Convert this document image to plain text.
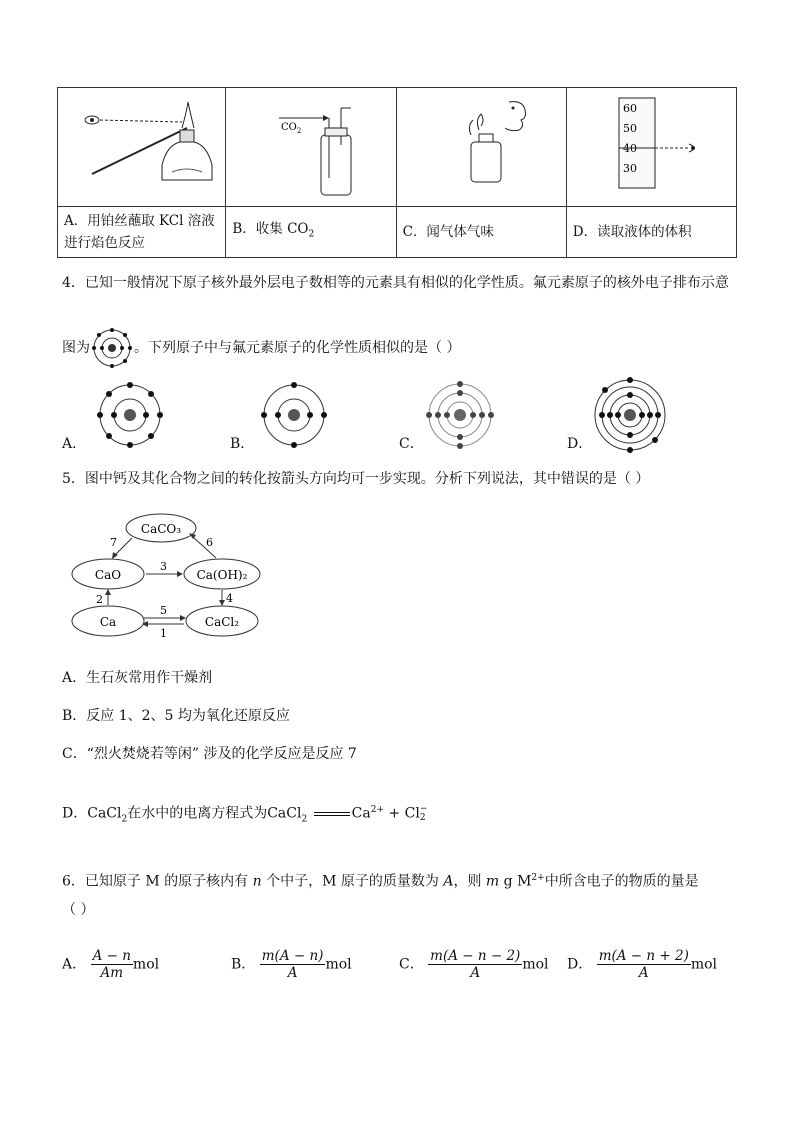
$CO_2$		60
50
40
30

A．用铂丝蘸取 KCl 溶液进行焰色反应	B．收集 $CO_2$	C．闻气体气味	D．读取液体的体积
4．已知一般情况下原子核外最外层电子数相等的元素具有相似的化学性质。氟元素原子的核外电子排布示意
图为	。下列原子中与氟元素原子的化学性质相似的是（ ）
A．	B．	C．	D．
5．图中钙及其化合物之间的转化按箭头方向均可一步实现。分析下列说法，其中错误的是（ ）
CaCO₃
CaO	Ca(OH)₂
Ca	CaCl₂
7	6
3
2	4
5
1
A．生石灰常用作干燥剂
B．反应 1、2、5 均为氧化还原反应
C．“烈火焚烧若等闲” 涉及的化学反应是反应 7
D．CaCl$_2$在水中的电离方程式为CaCl$_2$	$Ca^{2+} + Cl$ −
2
6．已知原子 M 的原子核内有 n 个中子，M 原子的质量数为 A，则 m g $M^{2+}$中所含电子的物质的量是
（ ）
A． $\frac{A - n}{Am}$ mol	B． $\frac{m(A - n)}{A}$ mol	C． $\frac{m(A - n - 2)}{A}$ mol D． $\frac{m(A - n + 2)}{A}$ mol
